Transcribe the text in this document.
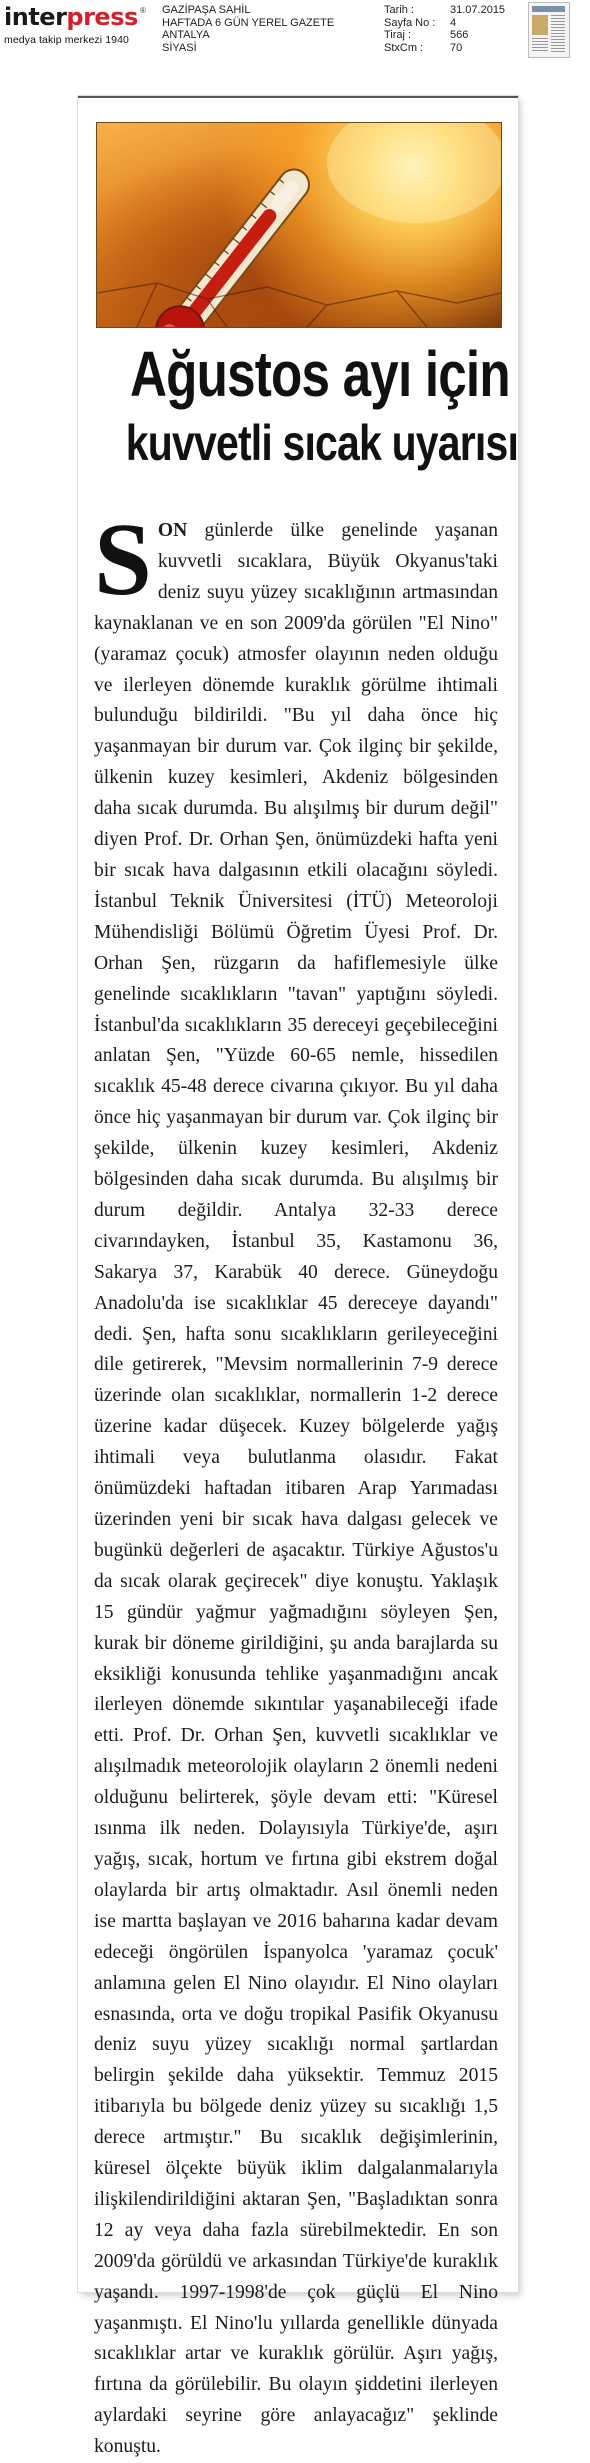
interpress ®
medya takip merkezi 1940
GAZİPAŞA SAHİL
HAFTADA 6 GÜN YEREL GAZETE
ANTALYA
SİYASİ
Tarih :	31.07.2015
Sayfa No :	4
Tiraj :	566
StxCm :	70
Ağustos ayı için
kuvvetli sıcak uyarısı
SON günlerde ülke genelinde yaşanan kuvvetli sıcaklara, Büyük Okyanus'taki deniz suyu yüzey sıcaklığının artmasından kaynaklanan ve en son 2009'da görülen "El Nino" (yaramaz çocuk) atmosfer olayının neden olduğu ve ilerleyen dönemde kuraklık görülme ihtimali bulunduğu bildirildi. "Bu yıl daha önce hiç yaşanmayan bir durum var. Çok ilginç bir şekilde, ülkenin kuzey kesimleri, Akdeniz bölgesinden daha sıcak durumda. Bu alışılmış bir durum değil" diyen Prof. Dr. Orhan Şen, önümüzdeki hafta yeni bir sıcak hava dalgasının etkili olacağını söyledi. İstanbul Teknik Üniversitesi (İTÜ) Meteoroloji Mühendisliği Bölümü Öğretim Üyesi Prof. Dr. Orhan Şen, rüzgarın da hafiflemesiyle ülke genelinde sıcaklıkların "tavan" yaptığını söyledi. İstanbul'da sıcaklıkların 35 dereceyi geçebileceğini anlatan Şen, "Yüzde 60-65 nemle, hissedilen sıcaklık 45-48 derece civarına çıkıyor. Bu yıl daha önce hiç yaşanmayan bir durum var. Çok ilginç bir şekilde, ülkenin kuzey kesimleri, Akdeniz bölgesinden daha sıcak durumda. Bu alışılmış bir durum değildir. Antalya 32-33 derece civarındayken, İstanbul 35, Kastamonu 36, Sakarya 37, Karabük 40 derece. Güneydoğu Anadolu'da ise sıcaklıklar 45 dereceye dayandı" dedi. Şen, hafta sonu sıcaklıkların gerileyeceğini dile getirerek, "Mevsim normallerinin 7-9 derece üzerinde olan sıcaklıklar, normallerin 1-2 derece üzerine kadar düşecek. Kuzey bölgelerde yağış ihtimali veya bulutlanma olasıdır. Fakat önümüzdeki haftadan itibaren Arap Yarımadası üzerinden yeni bir sıcak hava dalgası gelecek ve bugünkü değerleri de aşacaktır. Türkiye Ağustos'u da sıcak olarak geçirecek" diye konuştu. Yaklaşık 15 gündür yağmur yağmadığını söyleyen Şen, kurak bir döneme girildiğini, şu anda barajlarda su eksikliği konusunda tehlike yaşanmadığını ancak ilerleyen dönemde sıkıntılar yaşanabileceği ifade etti. Prof. Dr. Orhan Şen, kuvvetli sıcaklıklar ve alışılmadık meteorolojik olayların 2 önemli nedeni olduğunu belirterek, şöyle devam etti: "Küresel ısınma ilk neden. Dolayısıyla Türkiye'de, aşırı yağış, sıcak, hortum ve fırtına gibi ekstrem doğal olaylarda bir artış olmaktadır. Asıl önemli neden ise martta başlayan ve 2016 baharına kadar devam edeceği öngörülen İspanyolca 'yaramaz çocuk' anlamına gelen El Nino olayıdır. El Nino olayları esnasında, orta ve doğu tropikal Pasifik Okyanusu deniz suyu yüzey sıcaklığı normal şartlardan belirgin şekilde daha yüksektir. Temmuz 2015 itibarıyla bu bölgede deniz yüzey su sıcaklığı 1,5 derece artmıştır." Bu sıcaklık değişimlerinin, küresel ölçekte büyük iklim dalgalanmalarıyla ilişkilendirildiğini aktaran Şen, "Başladıktan sonra 12 ay veya daha fazla sürebilmektedir. En son 2009'da görüldü ve arkasından Türkiye'de kuraklık yaşandı. 1997-1998'de çok güçlü El Nino yaşanmıştı. El Nino'lu yıllarda genellikle dünyada sıcaklıklar artar ve kuraklık görülür. Aşırı yağış, fırtına da görülebilir. Bu olayın şiddetini ilerleyen aylardaki seyrine göre anlayacağız" şeklinde konuştu.
